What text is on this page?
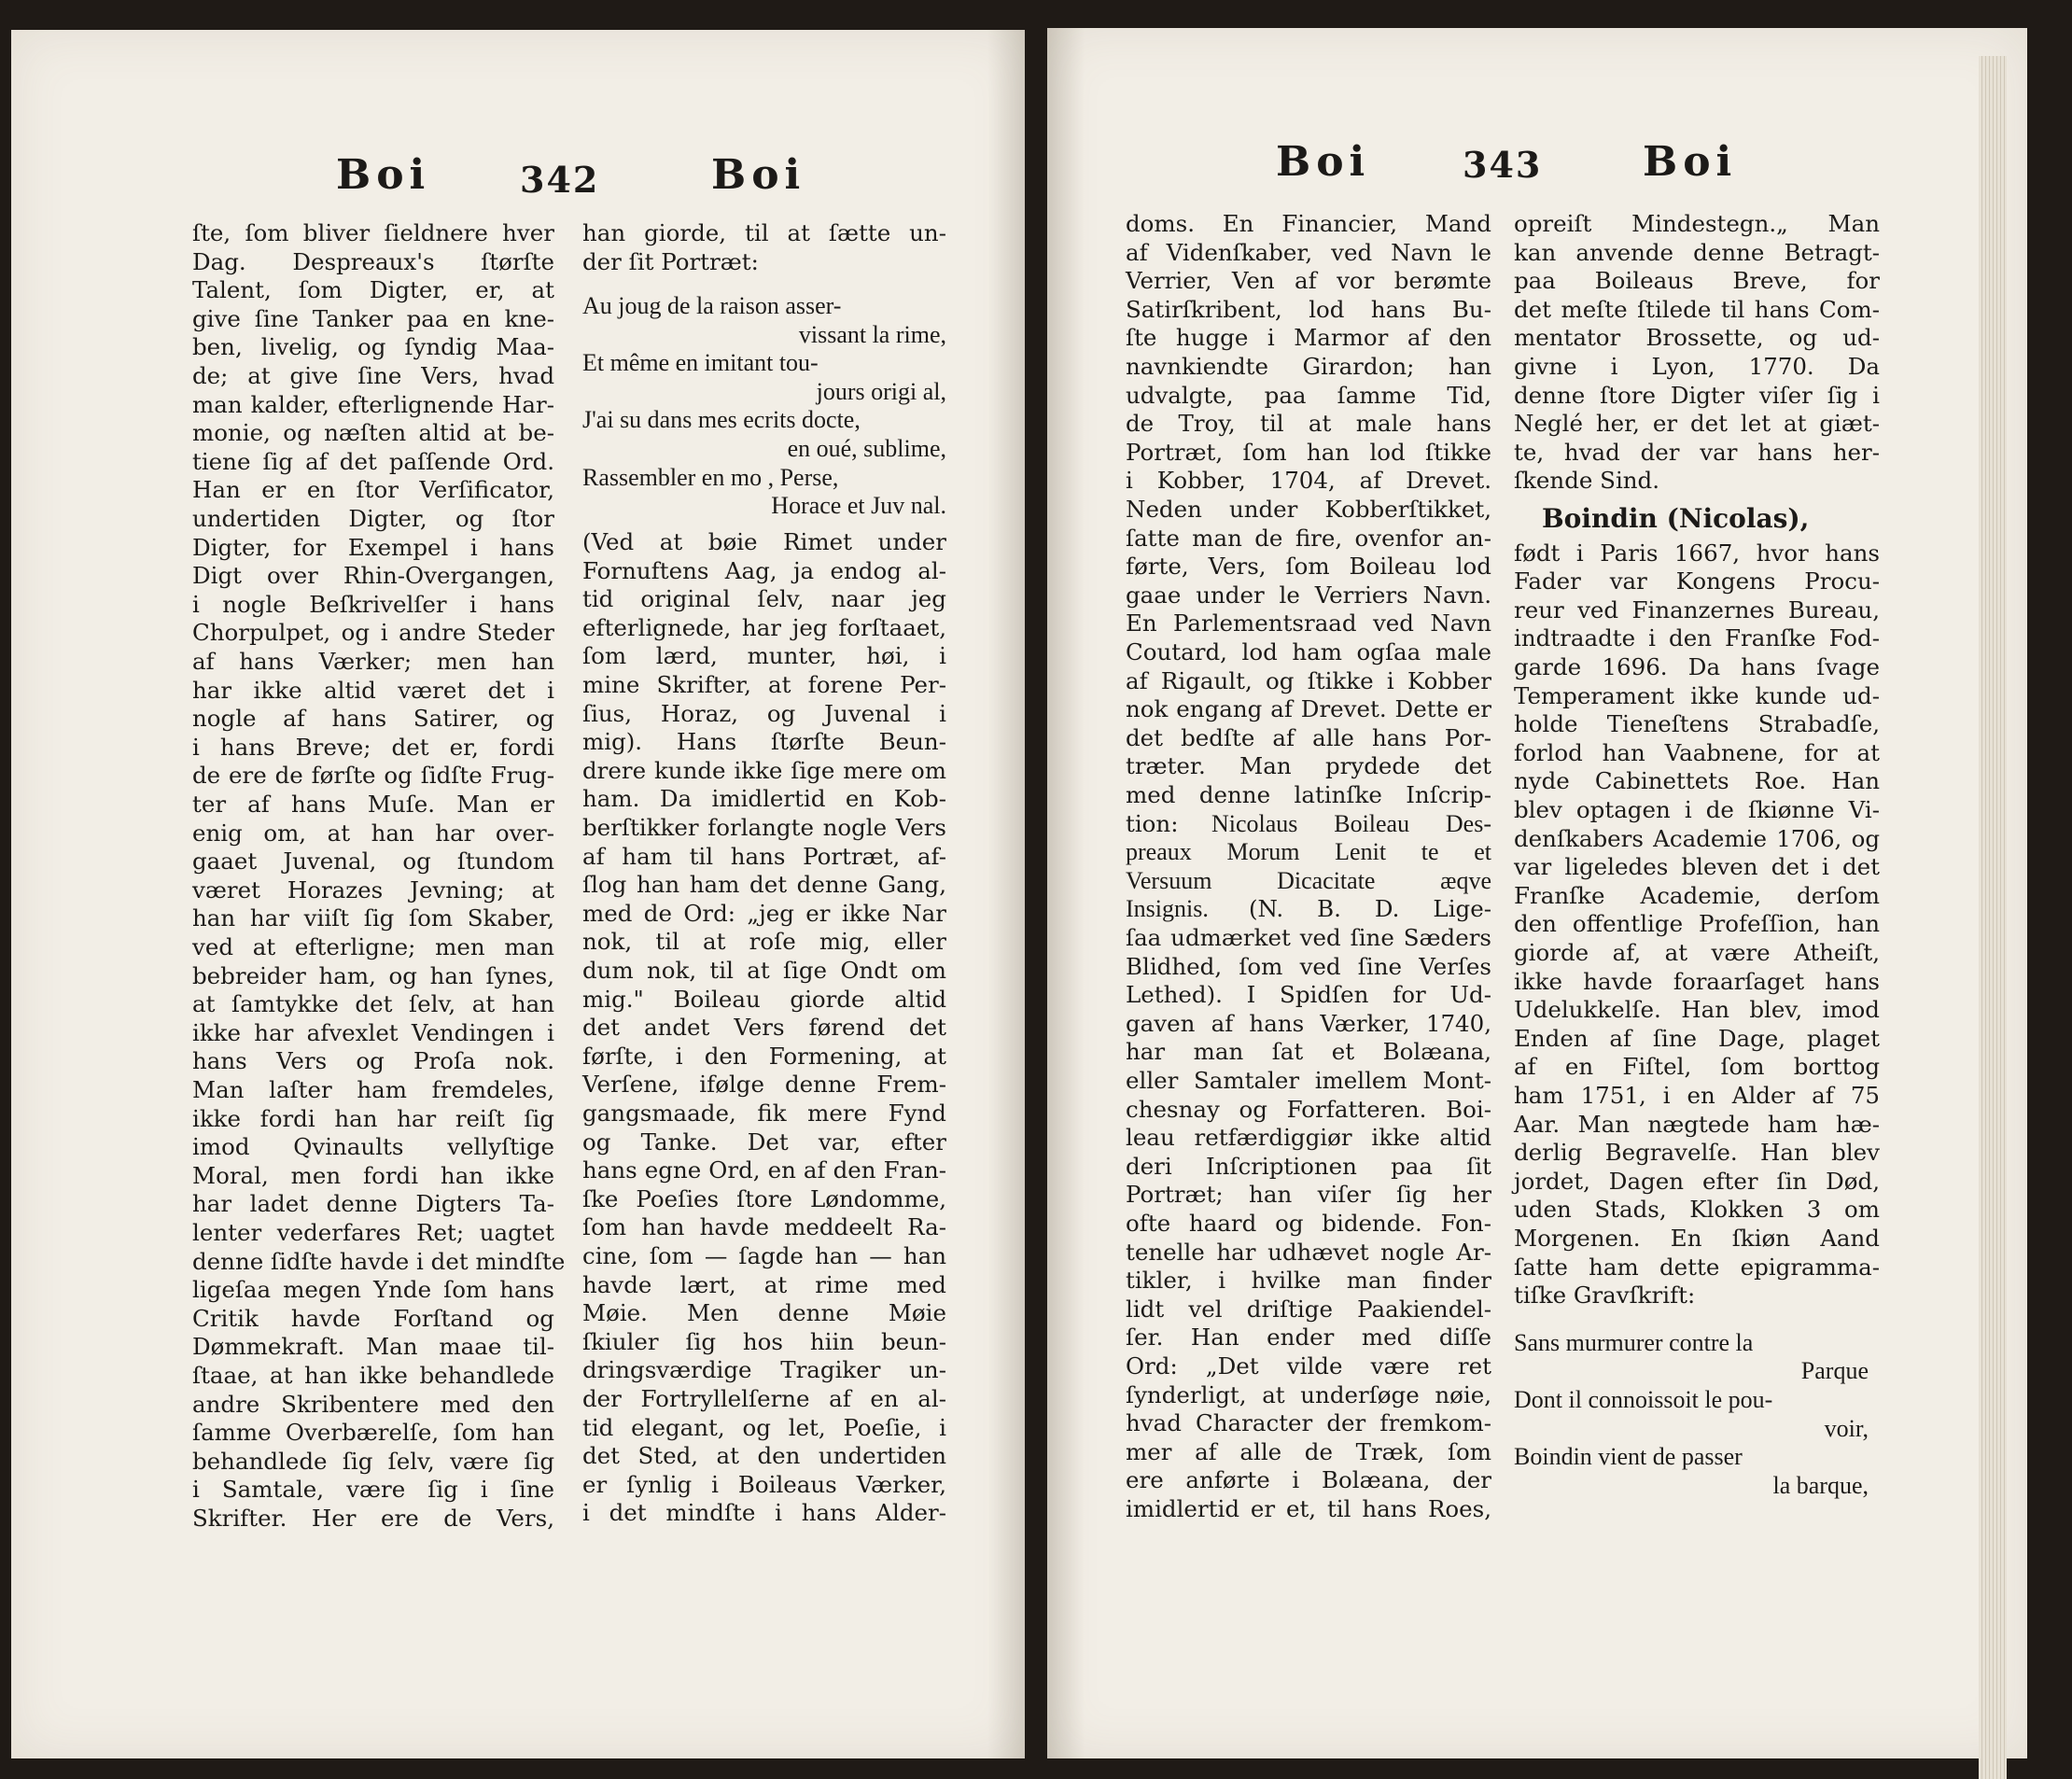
Boi	342	Boi
ſte, ſom bliver ſieldnere hver
Dag. Despreaux's ſtørſte
Talent, ſom Digter, er, at
give ſine Tanker paa en kne-
ben, livelig, og ſyndig Maa-
de; at give ſine Vers, hvad
man kalder, efterlignende Har-
monie, og næſten altid at be-
tiene ſig af det paſſende Ord.
Han er en ſtor Verſificator,
undertiden Digter, og ſtor
Digter, for Exempel i hans
Digt over Rhin-Overgangen,
i nogle Beſkrivelſer i hans
Chorpulpet, og i andre Steder
af hans Værker; men han
har ikke altid været det i
nogle af hans Satirer, og
i hans Breve; det er, fordi
de ere de førſte og ſidſte Frug-
ter af hans Muſe. Man er
enig om, at han har over-
gaaet Juvenal, og ſtundom
været Horazes Jevning; at
han har viiſt ſig ſom Skaber,
ved at efterligne; men man
bebreider ham, og han ſynes,
at ſamtykke det ſelv, at han
ikke har afvexlet Vendingen i
hans Vers og Proſa nok.
Man laſter ham fremdeles,
ikke fordi han har reiſt ſig
imod Qvinaults vellyſtige
Moral, men fordi han ikke
har ladet denne Digters Ta-
lenter vederfares Ret; uagtet
denne ſidſte havde i det mindſte
ligeſaa megen Ynde ſom hans
Critik havde Forſtand og
Dømmekraft. Man maae til-
ſtaae, at han ikke behandlede
andre Skribentere med den
ſamme Overbærelſe, ſom han
behandlede ſig ſelv, være ſig
i Samtale, være ſig i ſine
Skrifter. Her ere de Vers,
han giorde, til at ſætte un-
der ſit Portræt:
Au joug de la raison asser-
vissant la rime,
Et même en imitant tou-
jours origi al,
J'ai su dans mes ecrits docte,
en oué, sublime,
Rassembler en mo , Perse,
Horace et Juv nal.
(Ved at bøie Rimet under
Fornuftens Aag, ja endog al-
tid original ſelv, naar jeg
efterlignede, har jeg forſtaaet,
ſom lærd, munter, høi, i
mine Skrifter, at forene Per-
ſius, Horaz, og Juvenal i
mig). Hans ſtørſte Beun-
drere kunde ikke ſige mere om
ham. Da imidlertid en Kob-
berſtikker forlangte nogle Vers
af ham til hans Portræt, af-
ſlog han ham det denne Gang,
med de Ord: „jeg er ikke Nar
nok, til at roſe mig, eller
dum nok, til at ſige Ondt om
mig." Boileau giorde altid
det andet Vers førend det
førſte, i den Formening, at
Verſene, ifølge denne Frem-
gangsmaade, fik mere Fynd
og Tanke. Det var, efter
hans egne Ord, en af den Fran-
ſke Poeſies ſtore Løndomme,
ſom han havde meddeelt Ra-
cine, ſom — ſagde han — han
havde lært, at rime med
Møie. Men denne Møie
ſkiuler ſig hos hiin beun-
dringsværdige Tragiker un-
der Fortryllelſerne af en al-
tid elegant, og let, Poeſie, i
det Sted, at den undertiden
er ſynlig i Boileaus Værker,
i det mindſte i hans Alder-
Boi	343 Boi
doms. En Financier, Mand
af Videnſkaber, ved Navn le
Verrier, Ven af vor berømte
Satirſkribent, lod hans Bu-
ſte hugge i Marmor af den
navnkiendte Girardon; han
udvalgte, paa ſamme Tid,
de Troy, til at male hans
Portræt, ſom han lod ſtikke
i Kobber, 1704, af Drevet.
Neden under Kobberſtikket,
ſatte man de fire, ovenfor an-
førte, Vers, ſom Boileau lod
gaae under le Verriers Navn.
En Parlementsraad ved Navn
Coutard, lod ham ogſaa male
af Rigault, og ſtikke i Kobber
nok engang af Drevet. Dette er
det bedſte af alle hans Por-
træter. Man prydede det
med denne latinſke Inſcrip-
tion:	Nicolaus Boileau Des-
preaux Morum Lenit te et
Versuum Dicacitate æqve
Insignis.	(N. B. D. Lige-
ſaa udmærket ved ſine Sæders
Blidhed, ſom ved ſine Verſes
Lethed). I Spidſen for Ud-
gaven af hans Værker, 1740,
har man ſat et Bolæana,
eller Samtaler imellem Mont-
chesnay og Forfatteren. Boi-
leau retfærdiggiør ikke altid
deri Inſcriptionen paa ſit
Portræt; han viſer ſig her
ofte haard og bidende. Fon-
tenelle har udhævet nogle Ar-
tikler, i hvilke man finder
lidt vel driſtige Paakiendel-
ſer. Han ender med diſſe
Ord: „Det vilde være ret
ſynderligt, at underſøge nøie,
hvad Character der fremkom-
mer af alle de Træk, ſom
ere anførte i Bolæana, der
imidlertid er et, til hans Roes,
opreiſt Mindestegn.„ Man
kan anvende denne Betragt-
paa Boileaus Breve, for
det meſte ſtilede til hans Com-
mentator Brossette, og ud-
givne i Lyon, 1770. Da
denne ſtore Digter viſer ſig i
Neglé her, er det let at giæt-
te, hvad der var hans her-
ſkende Sind.
Boindin (Nicolas),
født i Paris 1667, hvor hans
Fader var Kongens Procu-
reur ved Finanzernes Bureau,
indtraadte i den Franſke Fod-
garde 1696. Da hans ſvage
Temperament ikke kunde ud-
holde Tieneſtens Strabadſe,
forlod han Vaabnene, for at
nyde Cabinettets Roe. Han
blev optagen i de ſkiønne Vi-
denſkabers Academie 1706, og
var ligeledes bleven det i det
Franſke Academie, derſom
den offentlige Profeſſion, han
giorde af, at være Atheiſt,
ikke havde foraarſaget hans
Udelukkelſe. Han blev, imod
Enden af ſine Dage, plaget
af en Fiſtel, ſom borttog
ham 1751, i en Alder af 75
Aar. Man nægtede ham hæ-
derlig Begravelſe. Han blev
jordet, Dagen efter ſin Død,
uden Stads, Klokken 3 om
Morgenen. En ſkiøn Aand
ſatte ham dette epigramma-
tiſke Gravſkrift:
Sans murmurer contre la
Parque
Dont il connoissoit le pou-
voir,
Boindin vient de passer
la barque,
